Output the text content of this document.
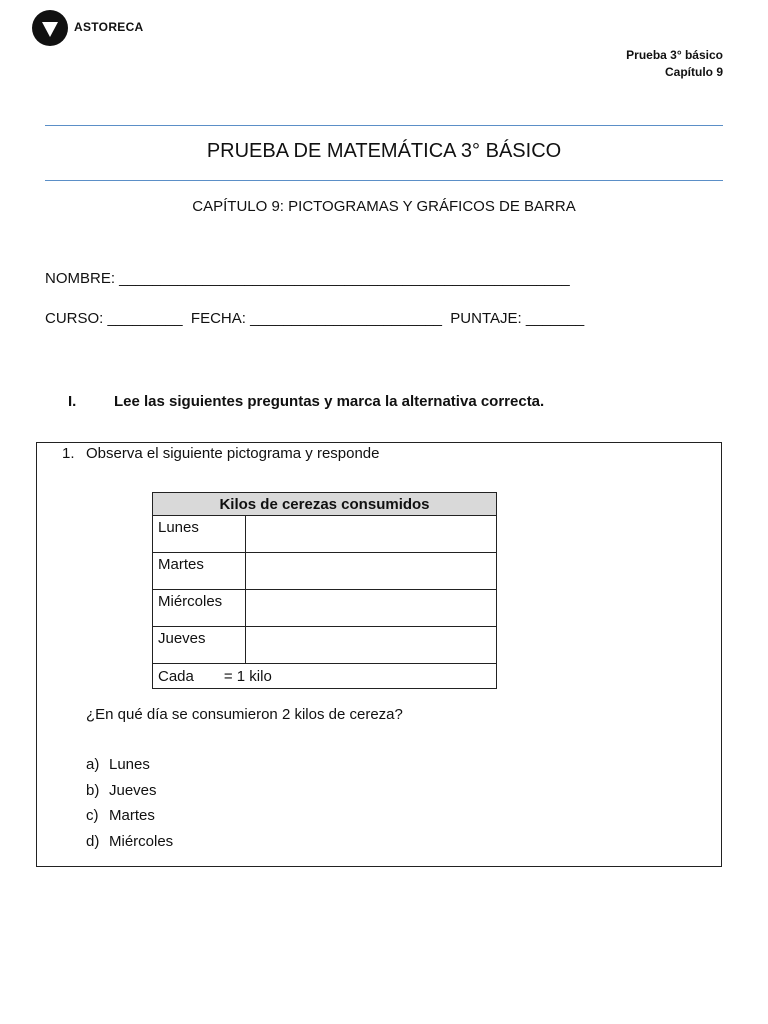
ASTORECA
Prueba 3° básico
Capítulo 9
PRUEBA DE MATEMÁTICA 3° BÁSICO
CAPÍTULO 9: PICTOGRAMAS Y GRÁFICOS DE BARRA
NOMBRE: ______________________________________________________
CURSO: _________  FECHA: _______________________  PUNTAJE: _______
I.	Lee las siguientes preguntas y marca la alternativa correcta.
1. Observa el siguiente pictograma y responde
Kilos de cerezas consumidos	
Lunes	
Martes	
Miércoles	
Jueves	
Cada = 1 kilo	
¿En qué día se consumieron 2 kilos de cereza?
a) Lunes
b) Jueves
c) Martes
d) Miércoles
